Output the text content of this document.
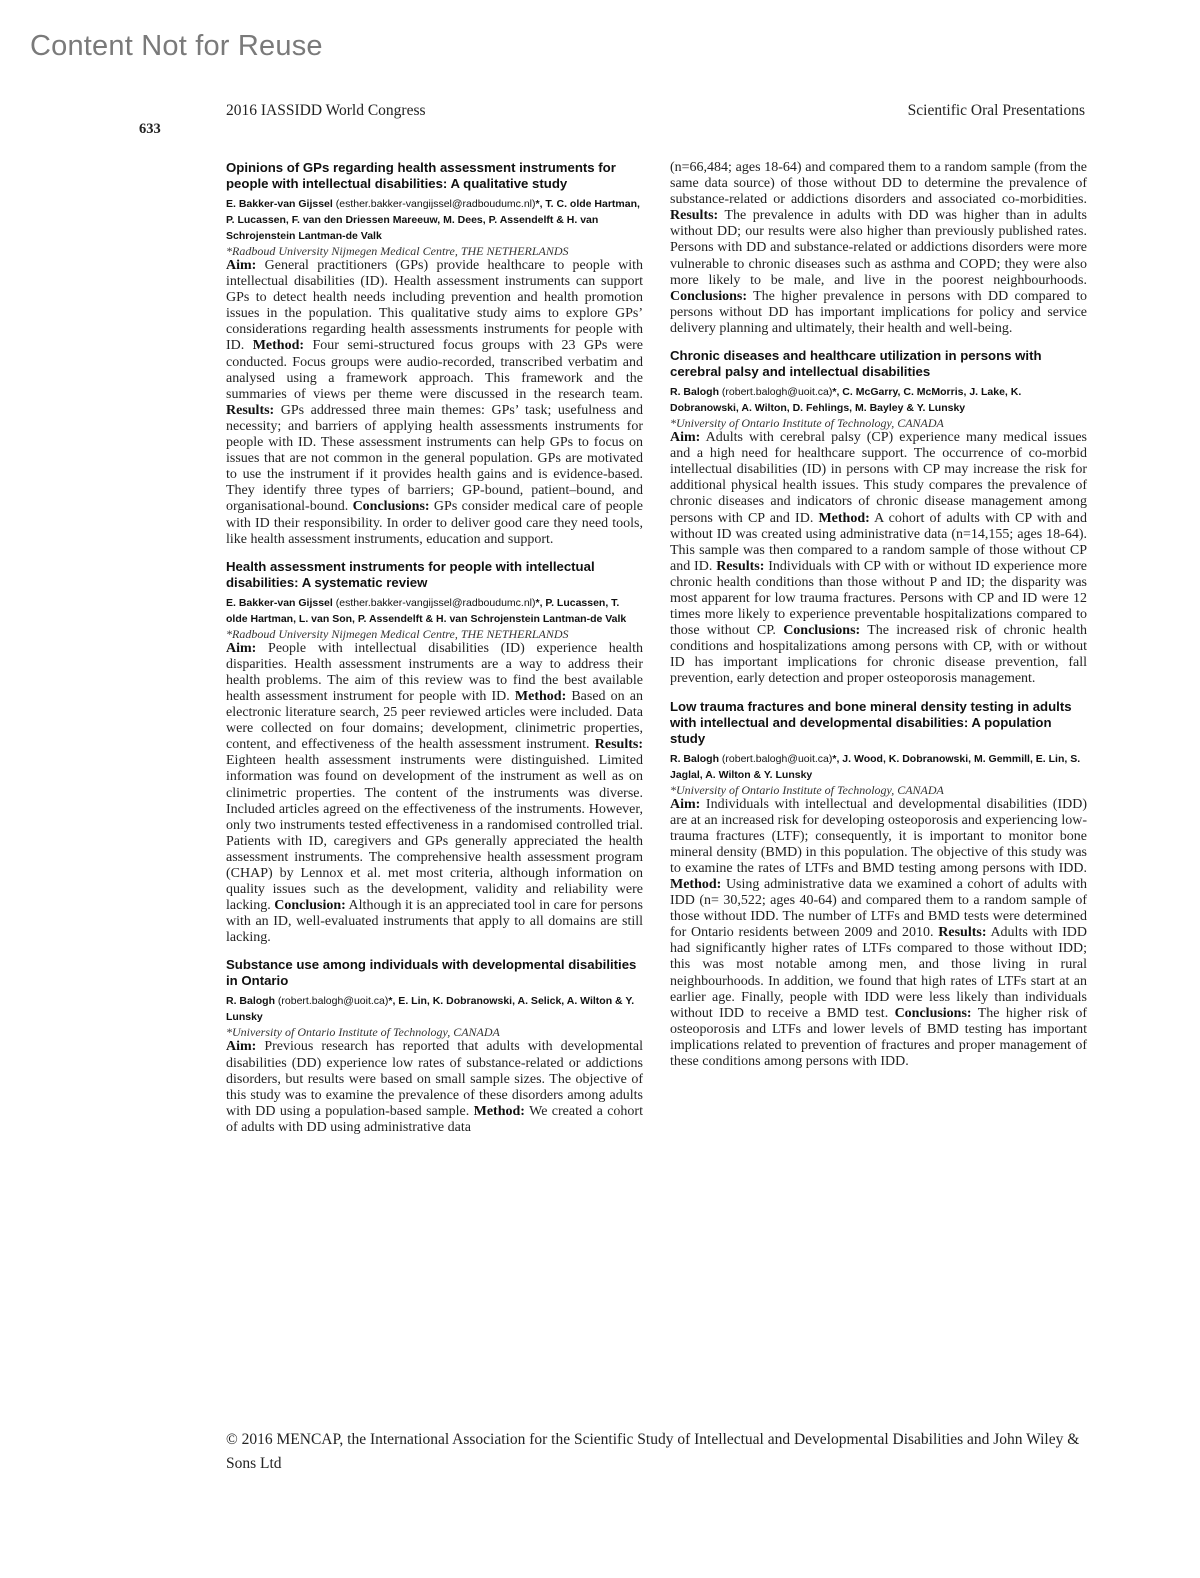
Content Not for Reuse
2016 IASSIDD World Congress	Scientific Oral Presentations
633
Opinions of GPs regarding health assessment instruments for people with intellectual disabilities: A qualitative study
E. Bakker-van Gijssel (esther.bakker-vangijssel@radboudumc.nl)*, T. C. olde Hartman, P. Lucassen, F. van den Driessen Mareeuw, M. Dees, P. Assendelft & H. van Schrojenstein Lantman-de Valk
*Radboud University Nijmegen Medical Centre, THE NETHERLANDS
Aim: General practitioners (GPs) provide healthcare to people with intellectual disabilities (ID). Health assessment instruments can support GPs to detect health needs including prevention and health promotion issues in the population. This qualitative study aims to explore GPs’ considerations regarding health assessments instruments for people with ID. Method: Four semi-structured focus groups with 23 GPs were conducted. Focus groups were audio-recorded, transcribed verbatim and analysed using a framework approach. This framework and the summaries of views per theme were discussed in the research team. Results: GPs addressed three main themes: GPs’ task; usefulness and necessity; and barriers of applying health assessments instruments for people with ID. These assessment instruments can help GPs to focus on issues that are not common in the general population. GPs are motivated to use the instrument if it provides health gains and is evidence-based. They identify three types of barriers; GP-bound, patient–bound, and organisational-bound. Conclusions: GPs consider medical care of people with ID their responsibility. In order to deliver good care they need tools, like health assessment instruments, education and support.
Health assessment instruments for people with intellectual disabilities: A systematic review
E. Bakker-van Gijssel (esther.bakker-vangijssel@radboudumc.nl)*, P. Lucassen, T. olde Hartman, L. van Son, P. Assendelft & H. van Schrojenstein Lantman-de Valk
*Radboud University Nijmegen Medical Centre, THE NETHERLANDS
Aim: People with intellectual disabilities (ID) experience health disparities. Health assessment instruments are a way to address their health problems. The aim of this review was to find the best available health assessment instrument for people with ID. Method: Based on an electronic literature search, 25 peer reviewed articles were included. Data were collected on four domains; development, clinimetric properties, content, and effectiveness of the health assessment instrument. Results: Eighteen health assessment instruments were distinguished. Limited information was found on development of the instrument as well as on clinimetric properties. The content of the instruments was diverse. Included articles agreed on the effectiveness of the instruments. However, only two instruments tested effectiveness in a randomised controlled trial. Patients with ID, caregivers and GPs generally appreciated the health assessment instruments. The comprehensive health assessment program (CHAP) by Lennox et al. met most criteria, although information on quality issues such as the development, validity and reliability were lacking. Conclusion: Although it is an appreciated tool in care for persons with an ID, well-evaluated instruments that apply to all domains are still lacking.
Substance use among individuals with developmental disabilities in Ontario
R. Balogh (robert.balogh@uoit.ca)*, E. Lin, K. Dobranowski, A. Selick, A. Wilton & Y. Lunsky
*University of Ontario Institute of Technology, CANADA
Aim: Previous research has reported that adults with developmental disabilities (DD) experience low rates of substance-related or addictions disorders, but results were based on small sample sizes. The objective of this study was to examine the prevalence of these disorders among adults with DD using a population-based sample. Method: We created a cohort of adults with DD using administrative data
(n=66,484; ages 18-64) and compared them to a random sample (from the same data source) of those without DD to determine the prevalence of substance-related or addictions disorders and associated co-morbidities. Results: The prevalence in adults with DD was higher than in adults without DD; our results were also higher than previously published rates. Persons with DD and substance-related or addictions disorders were more vulnerable to chronic diseases such as asthma and COPD; they were also more likely to be male, and live in the poorest neighbourhoods. Conclusions: The higher prevalence in persons with DD compared to persons without DD has important implications for policy and service delivery planning and ultimately, their health and well-being.
Chronic diseases and healthcare utilization in persons with cerebral palsy and intellectual disabilities
R. Balogh (robert.balogh@uoit.ca)*, C. McGarry, C. McMorris, J. Lake, K. Dobranowski, A. Wilton, D. Fehlings, M. Bayley & Y. Lunsky
*University of Ontario Institute of Technology, CANADA
Aim: Adults with cerebral palsy (CP) experience many medical issues and a high need for healthcare support. The occurrence of co-morbid intellectual disabilities (ID) in persons with CP may increase the risk for additional physical health issues. This study compares the prevalence of chronic diseases and indicators of chronic disease management among persons with CP and ID. Method: A cohort of adults with CP with and without ID was created using administrative data (n=14,155; ages 18-64). This sample was then compared to a random sample of those without CP and ID. Results: Individuals with CP with or without ID experience more chronic health conditions than those without P and ID; the disparity was most apparent for low trauma fractures. Persons with CP and ID were 12 times more likely to experience preventable hospitalizations compared to those without CP. Conclusions: The increased risk of chronic health conditions and hospitalizations among persons with CP, with or without ID has important implications for chronic disease prevention, fall prevention, early detection and proper osteoporosis management.
Low trauma fractures and bone mineral density testing in adults with intellectual and developmental disabilities: A population study
R. Balogh (robert.balogh@uoit.ca)*, J. Wood, K. Dobranowski, M. Gemmill, E. Lin, S. Jaglal, A. Wilton & Y. Lunsky
*University of Ontario Institute of Technology, CANADA
Aim: Individuals with intellectual and developmental disabilities (IDD) are at an increased risk for developing osteoporosis and experiencing low-trauma fractures (LTF); consequently, it is important to monitor bone mineral density (BMD) in this population. The objective of this study was to examine the rates of LTFs and BMD testing among persons with IDD. Method: Using administrative data we examined a cohort of adults with IDD (n= 30,522; ages 40-64) and compared them to a random sample of those without IDD. The number of LTFs and BMD tests were determined for Ontario residents between 2009 and 2010. Results: Adults with IDD had significantly higher rates of LTFs compared to those without IDD; this was most notable among men, and those living in rural neighbourhoods. In addition, we found that high rates of LTFs start at an earlier age. Finally, people with IDD were less likely than individuals without IDD to receive a BMD test. Conclusions: The higher risk of osteoporosis and LTFs and lower levels of BMD testing has important implications related to prevention of fractures and proper management of these conditions among persons with IDD.
© 2016 MENCAP, the International Association for the Scientific Study of Intellectual and Developmental Disabilities and John Wiley & Sons Ltd
